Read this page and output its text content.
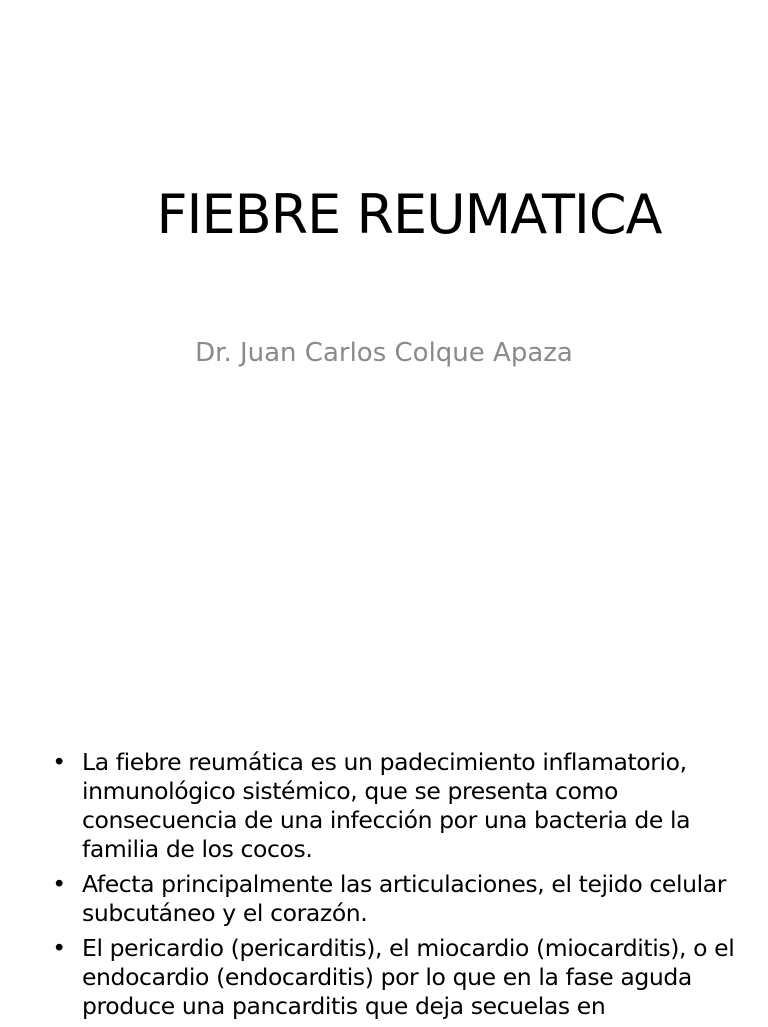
FIEBRE REUMATICA
Dr. Juan Carlos Colque Apaza
• La fiebre reumática es un padecimiento inflamatorio, inmunológico sistémico, que se presenta como consecuencia de una infección por una bacteria de la familia de los cocos.
• Afecta principalmente las articulaciones, el tejido celular subcutáneo y el corazón.
• El pericardio (pericarditis), el miocardio (miocarditis), o el endocardio (endocarditis) por lo que en la fase aguda produce una pancarditis que deja secuelas en
